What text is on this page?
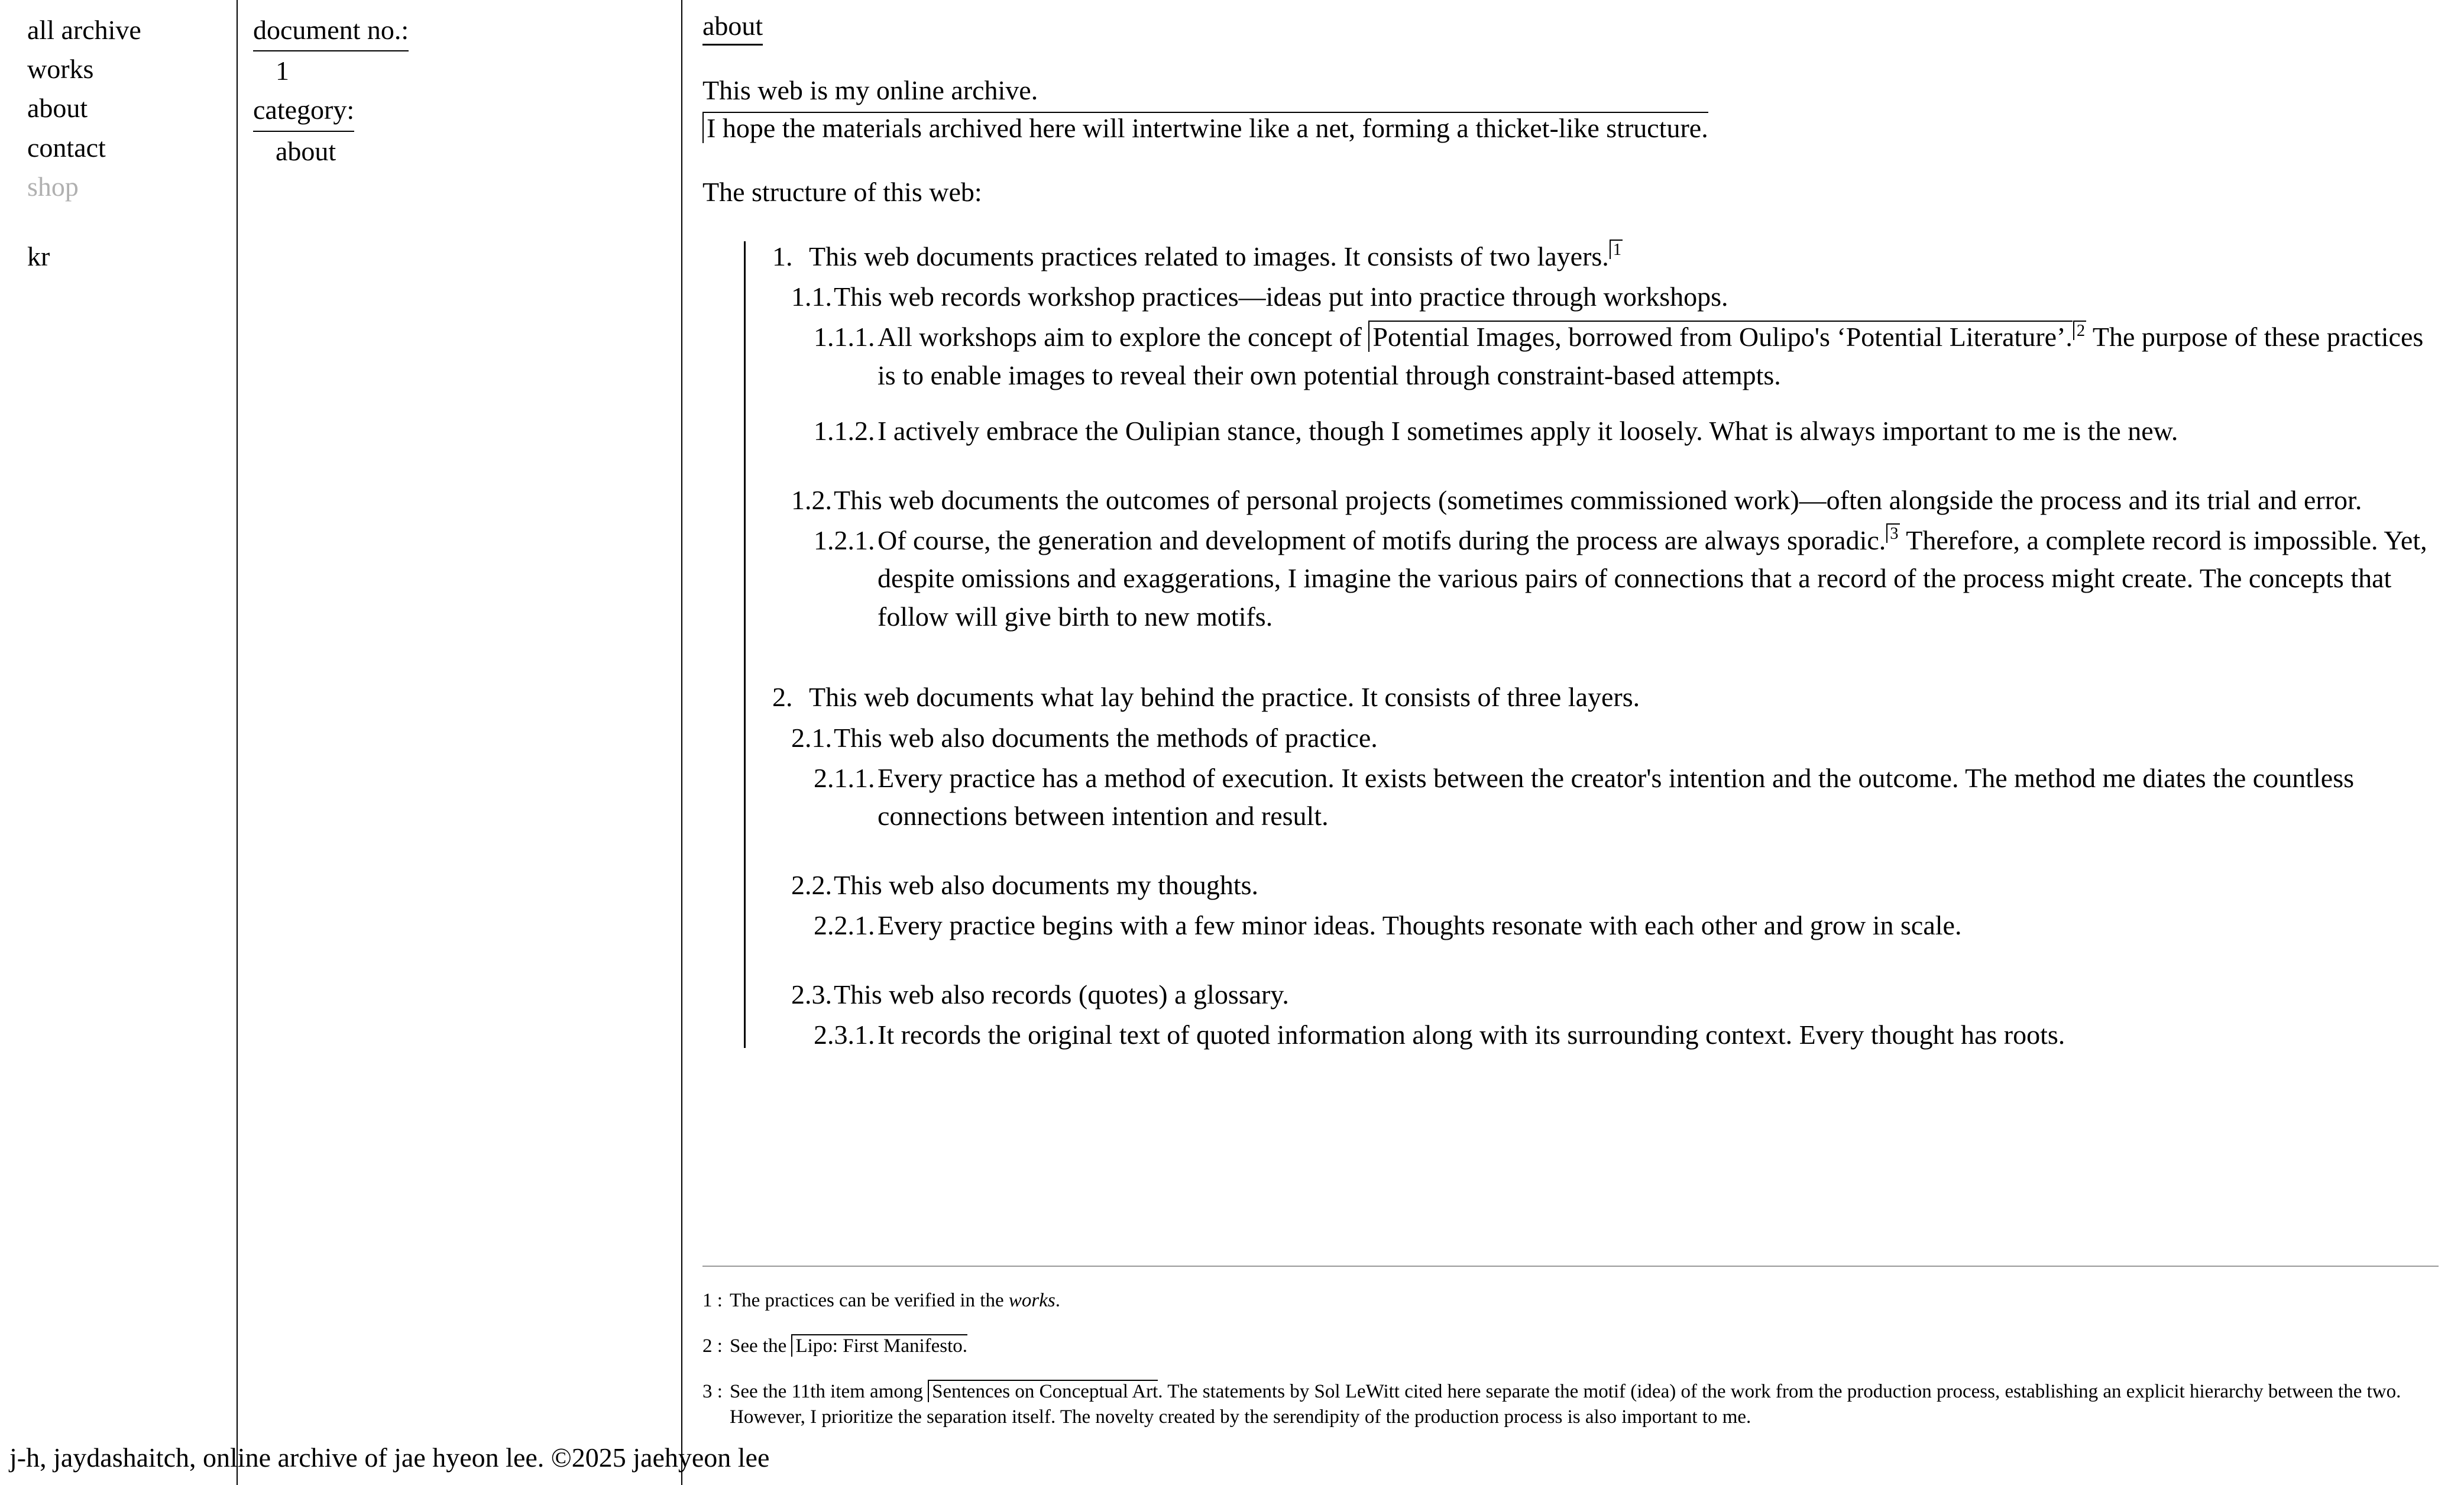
all archive
works
about
contact
shop
kr
document no.:
1
category:
about
about
This web is my online archive.
I hope the materials archived here will intertwine like a net, forming a thicket-like structure.
The structure of this web:
1. This web documents practices related to images. It consists of two layers. $^1$
1.1. This web records workshop practices—ideas put into practice through workshops.
1.1.1. All workshops aim to explore the concept of Potential Images, borrowed from Oulipo's ‘Potential Literature’. $^2$ The purpose of these practices is to enable images to reveal their own potential through constraint-based attempts.
1.1.2. I actively embrace the Oulipian stance, though I sometimes apply it loosely. What is always important to me is the new.
1.2. This web documents the outcomes of personal projects (sometimes commissioned work)—often alongside the process and its trial and error.
1.2.1. Of course, the generation and development of motifs during the process are always sporadic. $^3$ Therefore, a complete record is impossible. Yet, despite omissions and exaggerations, I imagine the various pairs of connections that a record of the process might create. The concepts that follow will give birth to new motifs.
2. This web documents what lay behind the practice. It consists of three layers.
2.1. This web also documents the methods of practice.
2.1.1. Every practice has a method of execution. It exists between the creator's intention and the outcome. The method me diates the countless connections between intention and result.
2.2. This web also documents my thoughts.
2.2.1. Every practice begins with a few minor ideas. Thoughts resonate with each other and grow in scale.
2.3. This web also records (quotes) a glossary.
2.3.1. It records the original text of quoted information along with its surrounding context. Every thought has roots.
1 : The practices can be verified in the works.
2 : See the Lipo: First Manifesto.
3 : See the 11th item among Sentences on Conceptual Art. The statements by Sol LeWitt cited here separate the motif (idea) of the work from the production process, establishing an explicit hierarchy between the two. However, I prioritize the separation itself. The novelty created by the serendipity of the production process is also important to me.
j-h, jaydashaitch, online archive of jae hyeon lee. ©2025 jaehyeon lee
